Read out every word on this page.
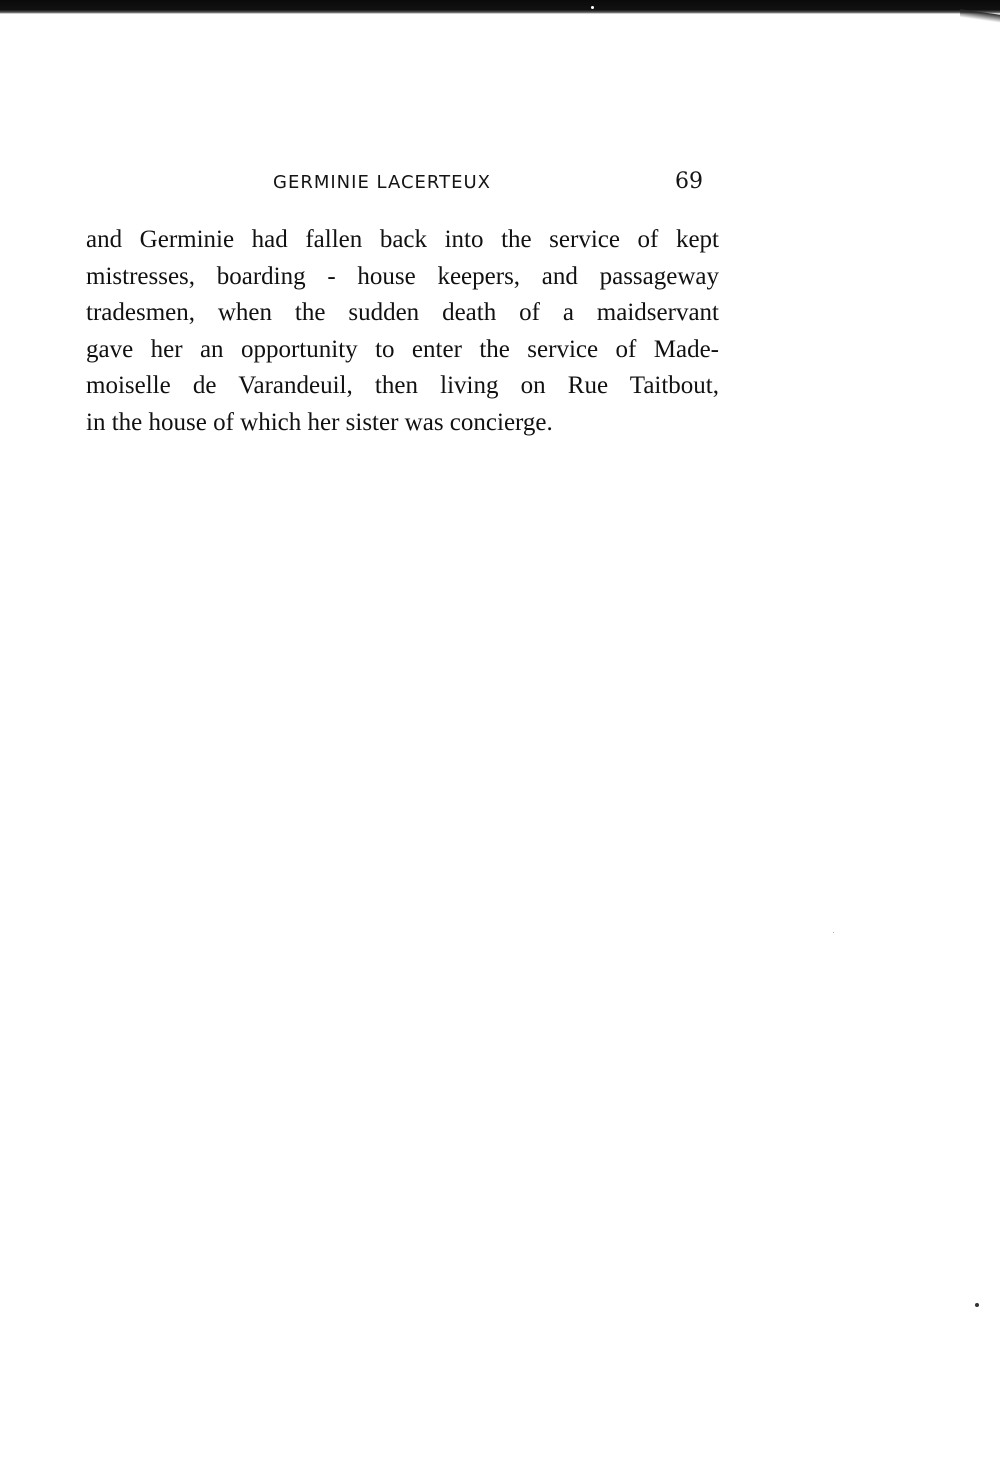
GERMINIE LACERTEUX	69
and Germinie had fallen back into the service of kept
mistresses, boarding - house keepers, and passageway
tradesmen, when the sudden death of a maidservant
gave her an opportunity to enter the service of Made-
moiselle de Varandeuil, then living on Rue Taitbout,
in the house of which her sister was concierge.
